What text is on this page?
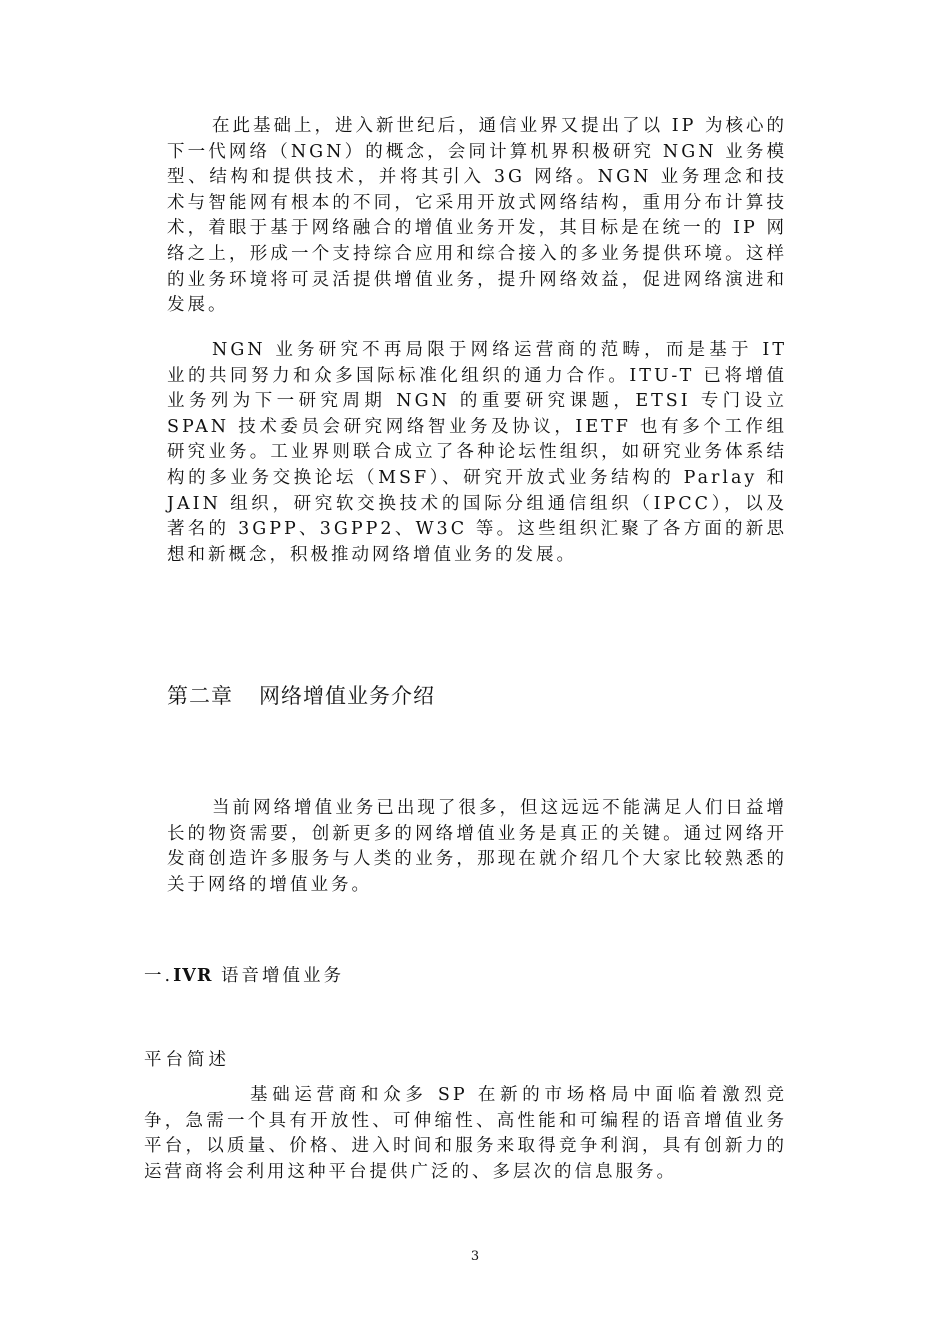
在此基础上，进入新世纪后，通信业界又提出了以 IP 为核心的下一代网络（NGN）的概念，会同计算机界积极研究 NGN 业务模型、结构和提供技术，并将其引入 3G 网络。NGN 业务理念和技术与智能网有根本的不同，它采用开放式网络结构，重用分布计算技术，着眼于基于网络融合的增值业务开发，其目标是在统一的 IP 网络之上，形成一个支持综合应用和综合接入的多业务提供环境。这样的业务环境将可灵活提供增值业务，提升网络效益，促进网络演进和发展。

NGN 业务研究不再局限于网络运营商的范畴，而是基于 IT 业的共同努力和众多国际标准化组织的通力合作。ITU-T 已将增值业务列为下一研究周期 NGN 的重要研究课题，ETSI 专门设立 SPAN 技术委员会研究网络智业务及协议，IETF 也有多个工作组研究业务。工业界则联合成立了各种论坛性组织，如研究业务体系结构的多业务交换论坛（MSF）、研究开放式业务结构的 Parlay 和 JAIN 组织，研究软交换技术的国际分组通信组织（IPCC），以及著名的 3GPP、3GPP2、W3C 等。这些组织汇聚了各方面的新思想和新概念，积极推动网络增值业务的发展。

第二章 网络增值业务介绍

当前网络增值业务已出现了很多，但这远远不能满足人们日益增长的物资需要，创新更多的网络增值业务是真正的关键。通过网络开发商创造许多服务与人类的业务，那现在就介绍几个大家比较熟悉的关于网络的增值业务。

一.IVR 语音增值业务

平台简述

基础运营商和众多 SP 在新的市场格局中面临着激烈竞争，急需一个具有开放性、可伸缩性、高性能和可编程的语音增值业务平台，以质量、价格、进入时间和服务来取得竞争利润，具有创新力的运营商将会利用这种平台提供广泛的、多层次的信息服务。

3
